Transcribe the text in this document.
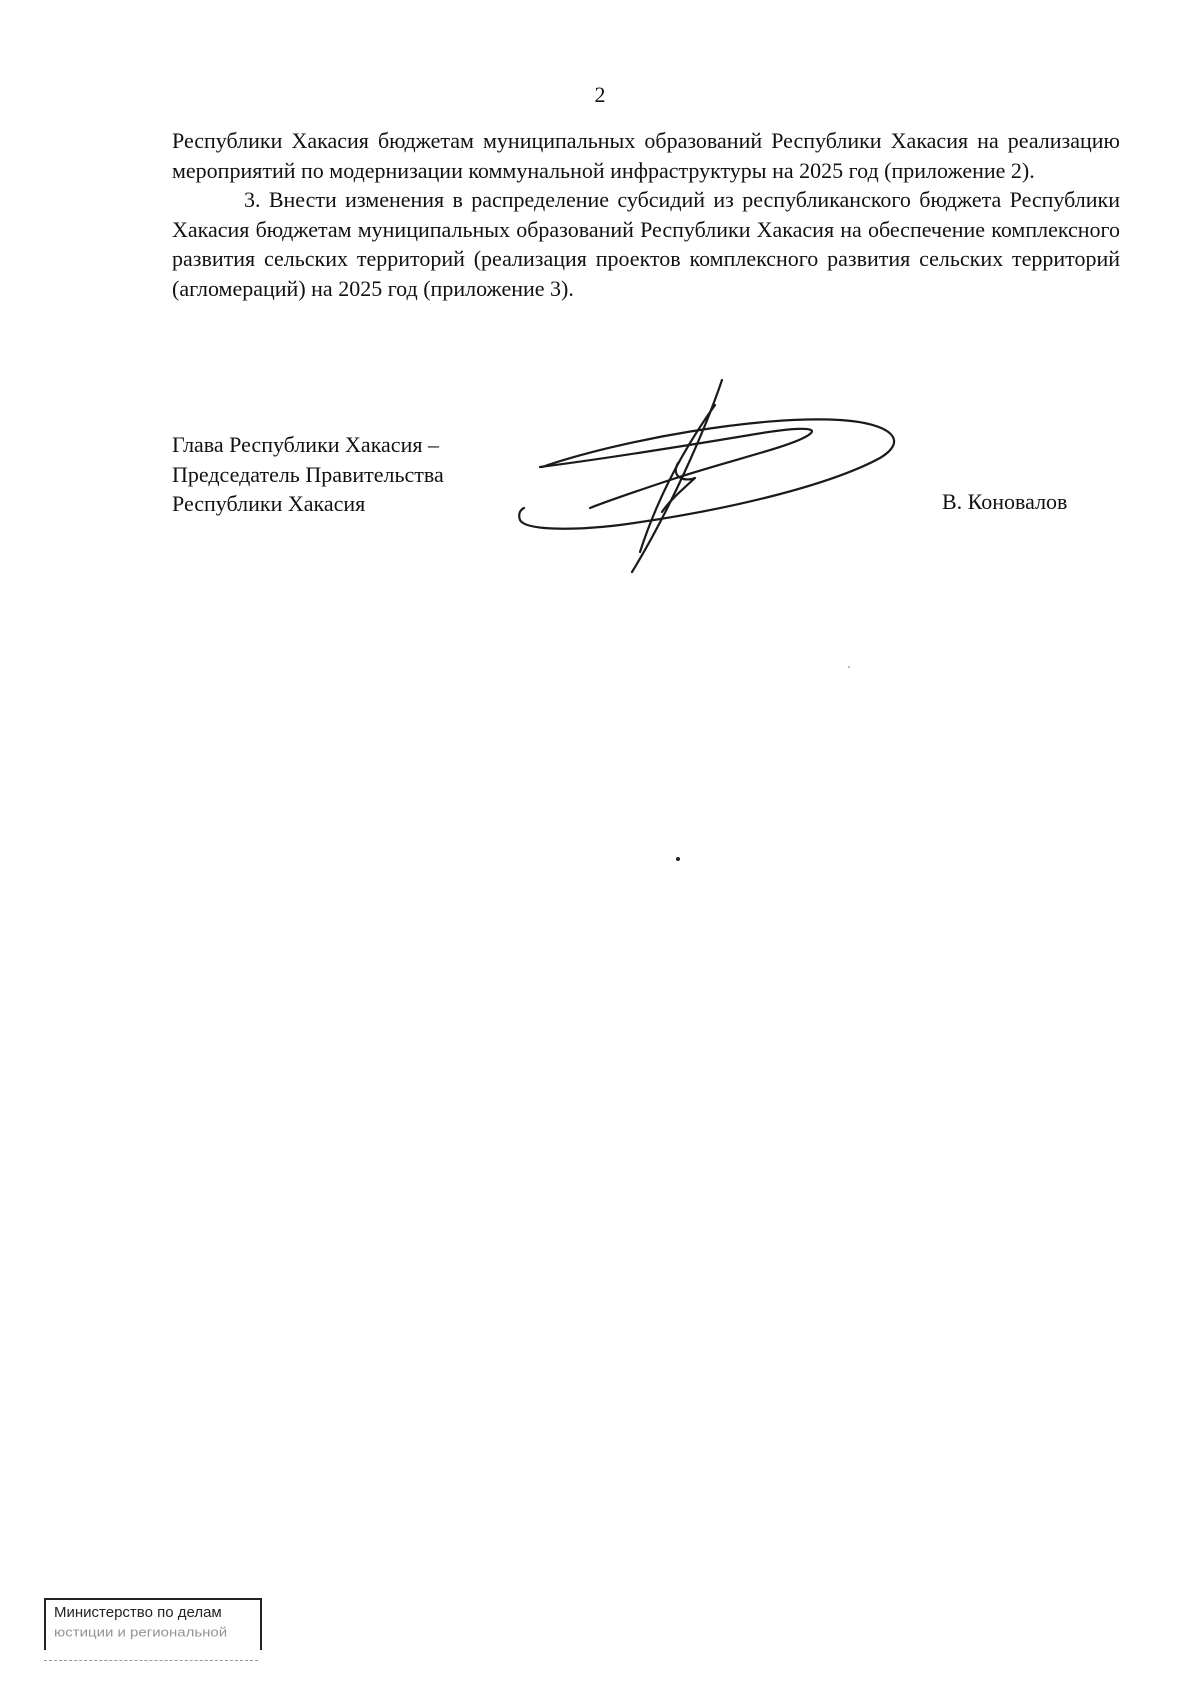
2

Республики Хакасия бюджетам муниципальных образований Республики Хакасия на реализацию мероприятий по модернизации коммунальной инфраструктуры на 2025 год (приложение 2).

3. Внести изменения в распределение субсидий из республиканского бюджета Республики Хакасия бюджетам муниципальных образований Республики Хакасия на обеспечение комплексного развития сельских территорий (реализация проектов комплексного развития сельских территорий (агломераций) на 2025 год (приложение 3).

Глава Республики Хакасия –
Председатель Правительства
Республики Хакасия	В. Коновалов
Министерство по делам
юстиции и региональной
